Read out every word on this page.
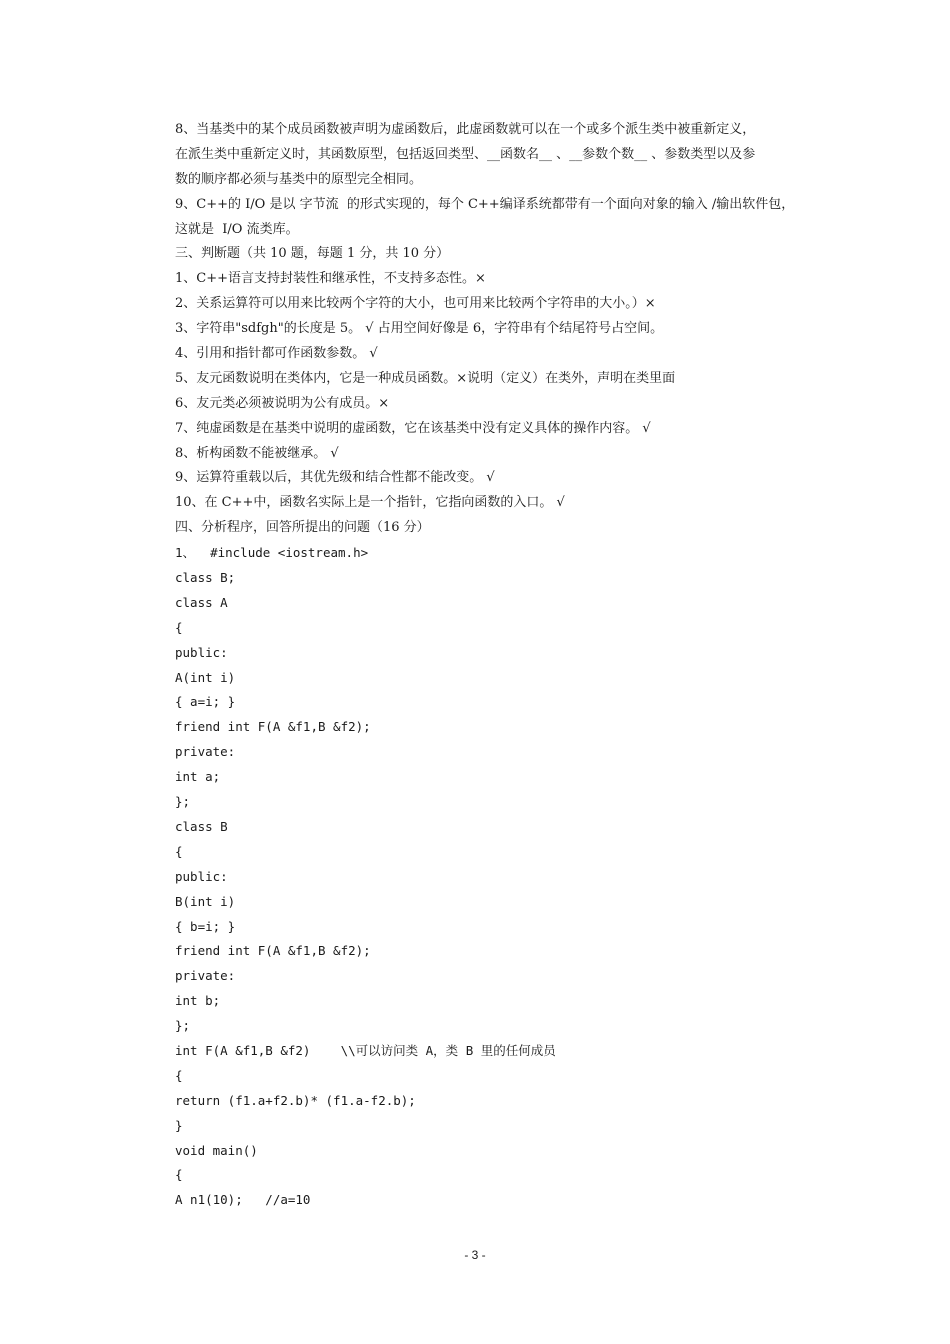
8、当基类中的某个成员函数被声明为虚函数后，此虚函数就可以在一个或多个派生类中被重新定义，
在派生类中重新定义时，其函数原型，包括返回类型、__函数名__ 、__参数个数__ 、参数类型以及参
数的顺序都必须与基类中的原型完全相同。
9、C++的 I/O 是以 字节流  的形式实现的，每个 C++编译系统都带有一个面向对象的输入 /输出软件包，
这就是  I/O 流类库。
三、判断题（共 10 题，每题 1 分，共 10 分）
1、C++语言支持封装性和继承性，不支持多态性。×
2、关系运算符可以用来比较两个字符的大小，也可用来比较两个字符串的大小。）×
3、字符串"sdfgh"的长度是 5。 √ 占用空间好像是 6，字符串有个结尾符号占空间。
4、引用和指针都可作函数参数。 √
5、友元函数说明在类体内，它是一种成员函数。×说明（定义）在类外，声明在类里面
6、友元类必须被说明为公有成员。×
7、纯虚函数是在基类中说明的虚函数，它在该基类中没有定义具体的操作内容。 √
8、析构函数不能被继承。 √
9、运算符重载以后，其优先级和结合性都不能改变。 √
10、在 C++中，函数名实际上是一个指针，它指向函数的入口。 √
四、分析程序，回答所提出的问题（16 分）
1、  #include <iostream.h>
class B;
class A
{
public:
A(int i)
{ a=i; }
friend int F(A &f1,B &f2);
private:
int a;
};
class B
{
public:
B(int i)
{ b=i; }
friend int F(A &f1,B &f2);
private:
int b;
};
int F(A &f1,B &f2)    \\可以访问类 A，类 B 里的任何成员
{
return (f1.a+f2.b)* (f1.a-f2.b);
}
void main()
{
A n1(10);   //a=10
- 3 -
